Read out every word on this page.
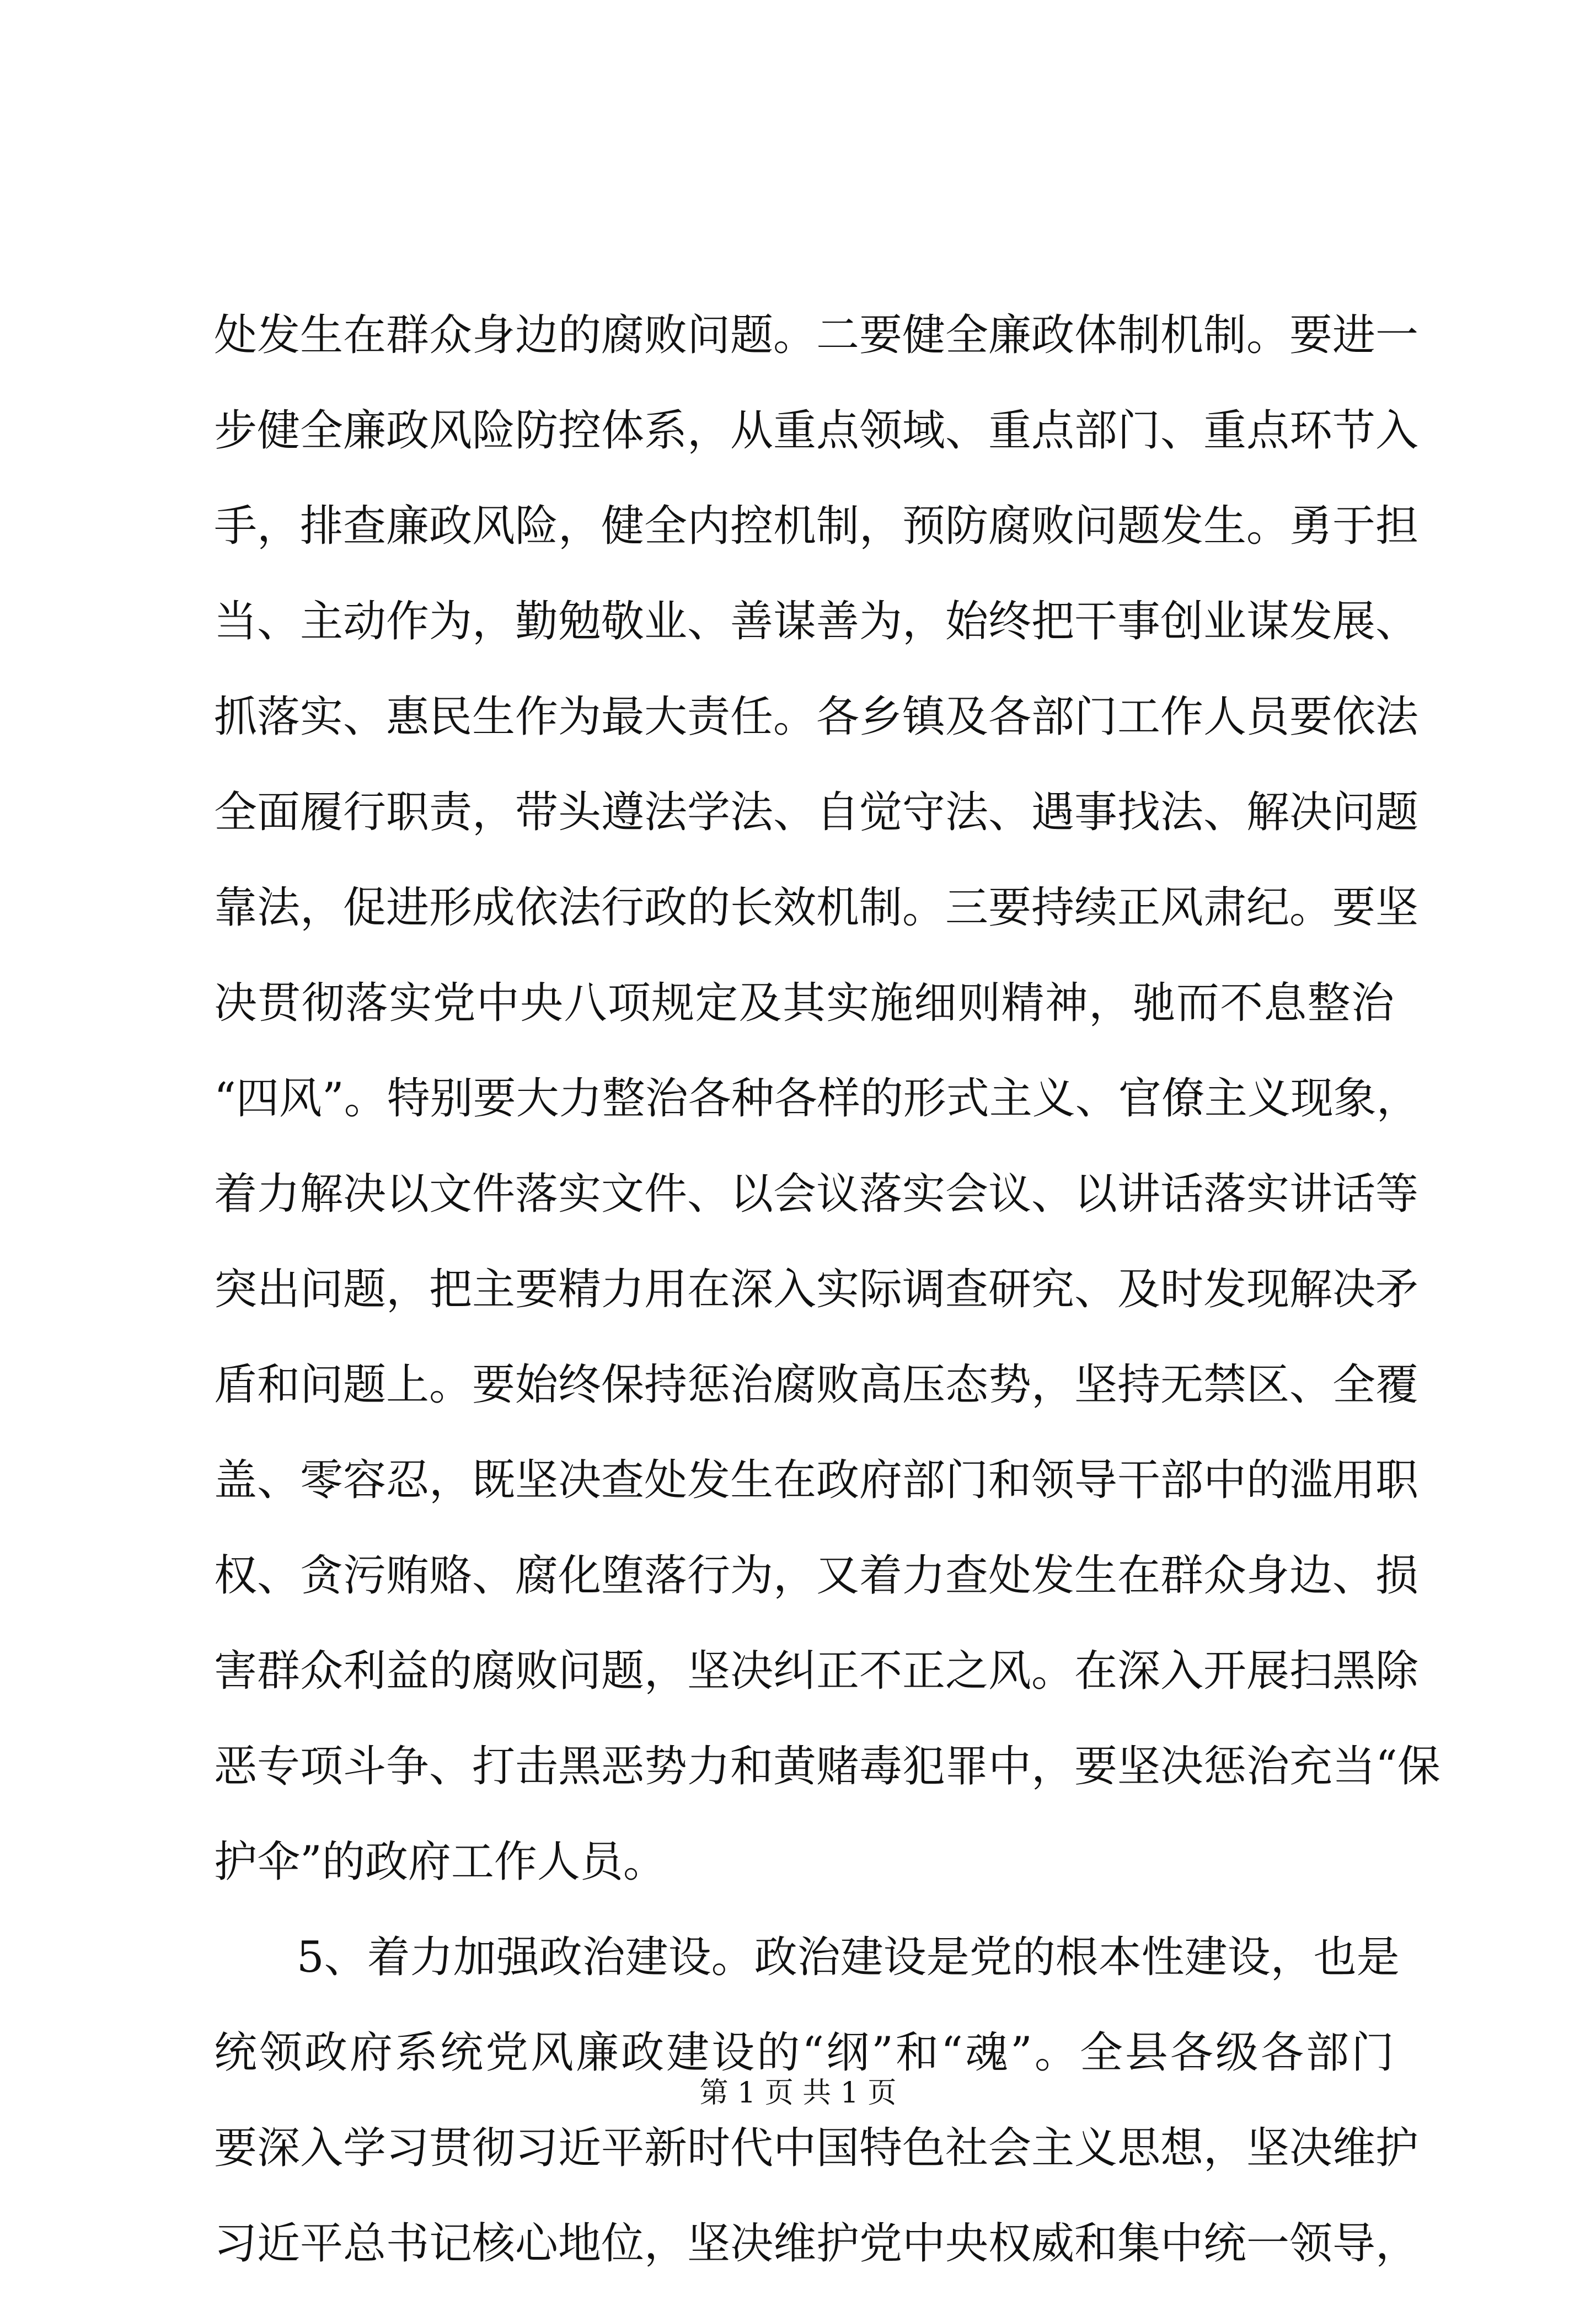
处发生在群众身边的腐败问题。二要健全廉政体制机制。要进一
步健全廉政风险防控体系，从重点领域、重点部门、重点环节入
手，排查廉政风险，健全内控机制，预防腐败问题发生。勇于担
当、主动作为，勤勉敬业、善谋善为，始终把干事创业谋发展、
抓落实、惠民生作为最大责任。各乡镇及各部门工作人员要依法
全面履行职责，带头遵法学法、自觉守法、遇事找法、解决问题
靠法，促进形成依法行政的长效机制。三要持续正风肃纪。要坚
决贯彻落实党中央八项规定及其实施细则精神，驰而不息整治
“四风”。特别要大力整治各种各样的形式主义、官僚主义现象，
着力解决以文件落实文件、以会议落实会议、以讲话落实讲话等
突出问题，把主要精力用在深入实际调查研究、及时发现解决矛
盾和问题上。要始终保持惩治腐败高压态势，坚持无禁区、全覆
盖、零容忍，既坚决查处发生在政府部门和领导干部中的滥用职
权、贪污贿赂、腐化堕落行为，又着力查处发生在群众身边、损
害群众利益的腐败问题，坚决纠正不正之风。在深入开展扫黑除
恶专项斗争、打击黑恶势力和黄赌毒犯罪中，要坚决惩治充当“保
护伞”的政府工作人员。
5、着力加强政治建设。政治建设是党的根本性建设，也是
统领政府系统党风廉政建设的“纲”和“魂”。全县各级各部门
要深入学习贯彻习近平新时代中国特色社会主义思想，坚决维护
习近平总书记核心地位，坚决维护党中央权威和集中统一领导，
第 1 页 共 1 页
